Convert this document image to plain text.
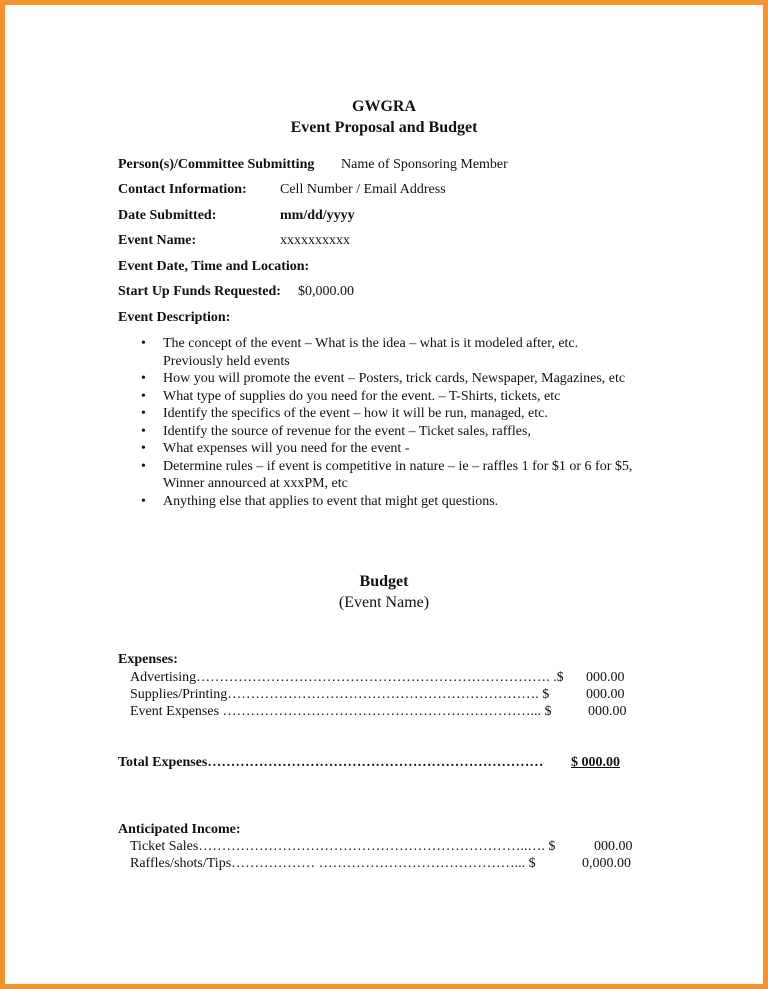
GWGRA
Event Proposal and Budget
Person(s)/Committee Submitting Name of Sponsoring Member
Contact Information: Cell Number / Email Address
Date Submitted:	mm/dd/yyyy
Event Name:	xxxxxxxxxx
Event Date, Time and Location:
Start Up Funds Requested: $0,000.00
Event Description:
• The concept of the event – What is the idea – what is it modeled after, etc. Previously held events
• How you will promote the event – Posters, trick cards, Newspaper, Magazines, etc
• What type of supplies do you need for the event. – T-Shirts, tickets, etc
• Identify the specifics of the event – how it will be run, managed, etc.
• Identify the source of revenue for the event – Ticket sales, raffles,
• What expenses will you need for the event -
• Determine rules – if event is competitive in nature – ie – raffles 1 for $1 or 6 for $5, Winner annourced at xxxPM, etc
• Anything else that applies to event that might get questions.
Budget
(Event Name)
Expenses:
Advertising…………………………………………………………………. .$ 000.00
Supplies/Printing…………………………………………………………. $	000.00
Event Expenses …………………………………………………………... $	000.00
Total Expenses……………………………………………………………… $ 000.00
Anticipated Income:
Ticket Sales……………………………………………………………..…. $	000.00
Raffles/shots/Tips……………… ……………………………………... $	0,000.00
